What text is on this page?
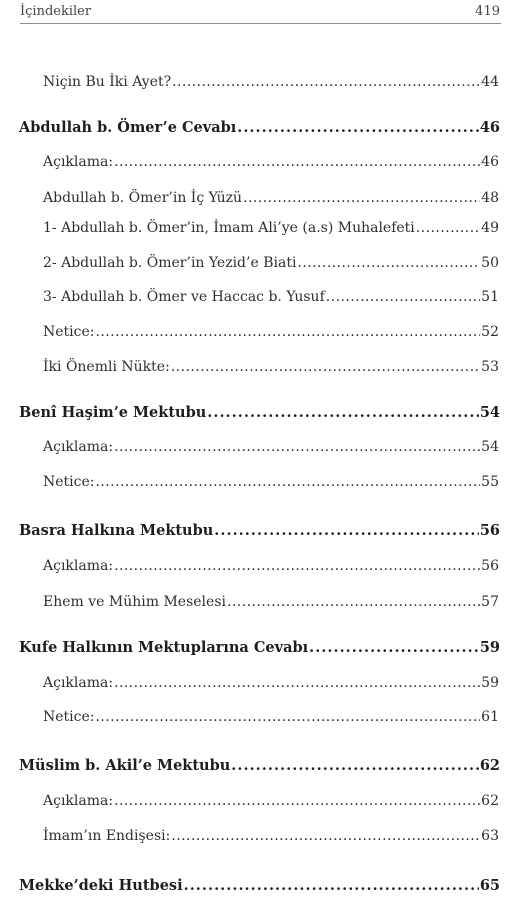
İçindekiler	419
Niçin Bu İki Ayet? . . .	44
Abdullah b. Ömer’e Cevabı . . .	46
Açıklama: . . .	46
Abdullah b. Ömer’in İç Yüzü . . .	48
1- Abdullah b. Ömer’in, İmam Ali’ye (a.s) Muhalefeti . . .	49
2- Abdullah b. Ömer’in Yezid’e Biati . . .	50
3- Abdullah b. Ömer ve Haccac b. Yusuf . . .	51
Netice: . . .	52
İki Önemli Nükte: . . .	53
Benî Haşim’e Mektubu . . .	54
Açıklama: . . .	54
Netice: . . .	55
Basra Halkına Mektubu . . .	56
Açıklama: . . .	56
Ehem ve Mühim Meselesi . . .	57
Kufe Halkının Mektuplarına Cevabı . . .	59
Açıklama: . . .	59
Netice: . . .	61
Müslim b. Akil’e Mektubu . . .	62
Açıklama: . . .	62
İmam’ın Endişesi: . . .	63
Mekke’deki Hutbesi . . .	65
